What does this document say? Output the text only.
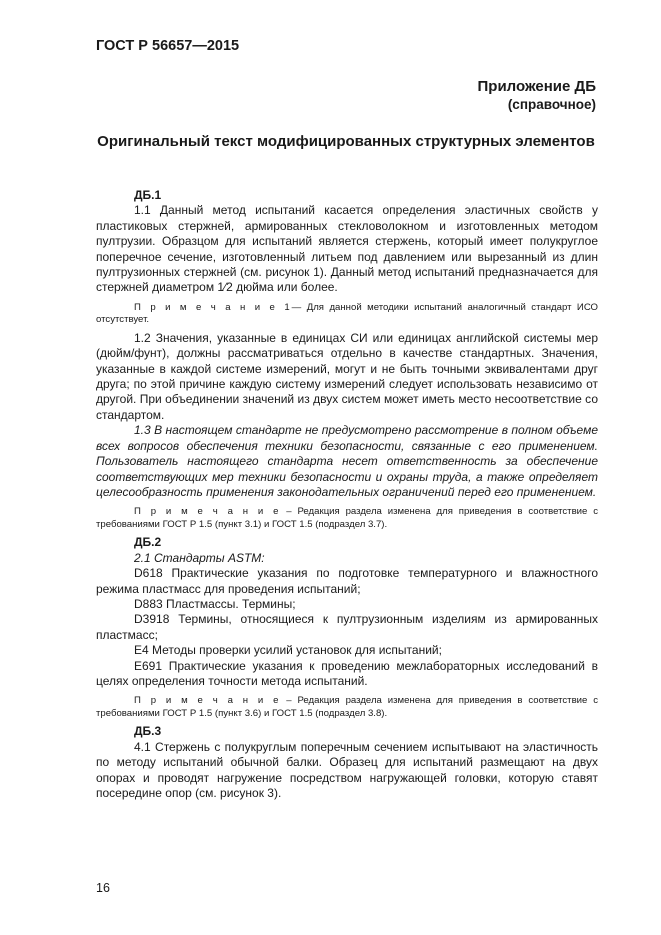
ГОСТ Р 56657—2015
Приложение ДБ
(справочное)
Оригинальный текст модифицированных структурных элементов

ДБ.1

1.1 Данный метод испытаний касается определения эластичных свойств у пластиковых стержней, армированных стекловолокном и изготовленных методом пултрузии. Образцом для испытаний является стержень, который имеет полукруглое поперечное сечение, изготовленный литьем под давлением или вырезанный из длин пултрузионных стержней (см. рисунок 1). Данный метод испытаний предназначается для стержней диаметром 1⁄2 дюйма или более.

П р и м е ч а н и е 1— Для данной методики испытаний аналогичный стандарт ИСО отсутствует.

1.2 Значения, указанные в единицах СИ или единицах английской системы мер (дюйм/фунт), должны рассматриваться отдельно в качестве стандартных. Значения, указанные в каждой системе измерений, могут и не быть точными эквивалентами друг друга; по этой причине каждую систему измерений следует использовать независимо от другой. При объединении значений из двух систем может иметь место несоответствие со стандартом.

1.3 В настоящем стандарте не предусмотрено рассмотрение в полном объеме всех вопросов обеспечения техники безопасности, связанные с его применением. Пользователь настоящего стандарта несет ответственность за обеспечение соответствующих мер техники безопасности и охраны труда, а также определяет целесообразность применения законодательных ограничений перед его применением.

П р и м е ч а н и е – Редакция раздела изменена для приведения в соответствие с требованиями ГОСТ Р 1.5 (пункт 3.1) и ГОСТ 1.5 (подраздел 3.7).

ДБ.2

2.1 Стандарты ASTM:

D618 Практические указания по подготовке температурного и влажностного режима пластмасс для проведения испытаний;

D883 Пластмассы. Термины;

D3918 Термины, относящиеся к пултрузионным изделиям из армированных пластмасс;

E4 Методы проверки усилий установок для испытаний;

E691 Практические указания к проведению межлабораторных исследований в целях определения точности метода испытаний.

П р и м е ч а н и е – Редакция раздела изменена для приведения в соответствие с требованиями ГОСТ Р 1.5 (пункт 3.6) и ГОСТ 1.5 (подраздел 3.8).

ДБ.3

4.1 Стержень с полукруглым поперечным сечением испытывают на эластичность по методу испытаний обычной балки. Образец для испытаний размещают на двух опорах и проводят нагружение посредством нагружающей головки, которую ставят посередине опор (см. рисунок 3).

16
